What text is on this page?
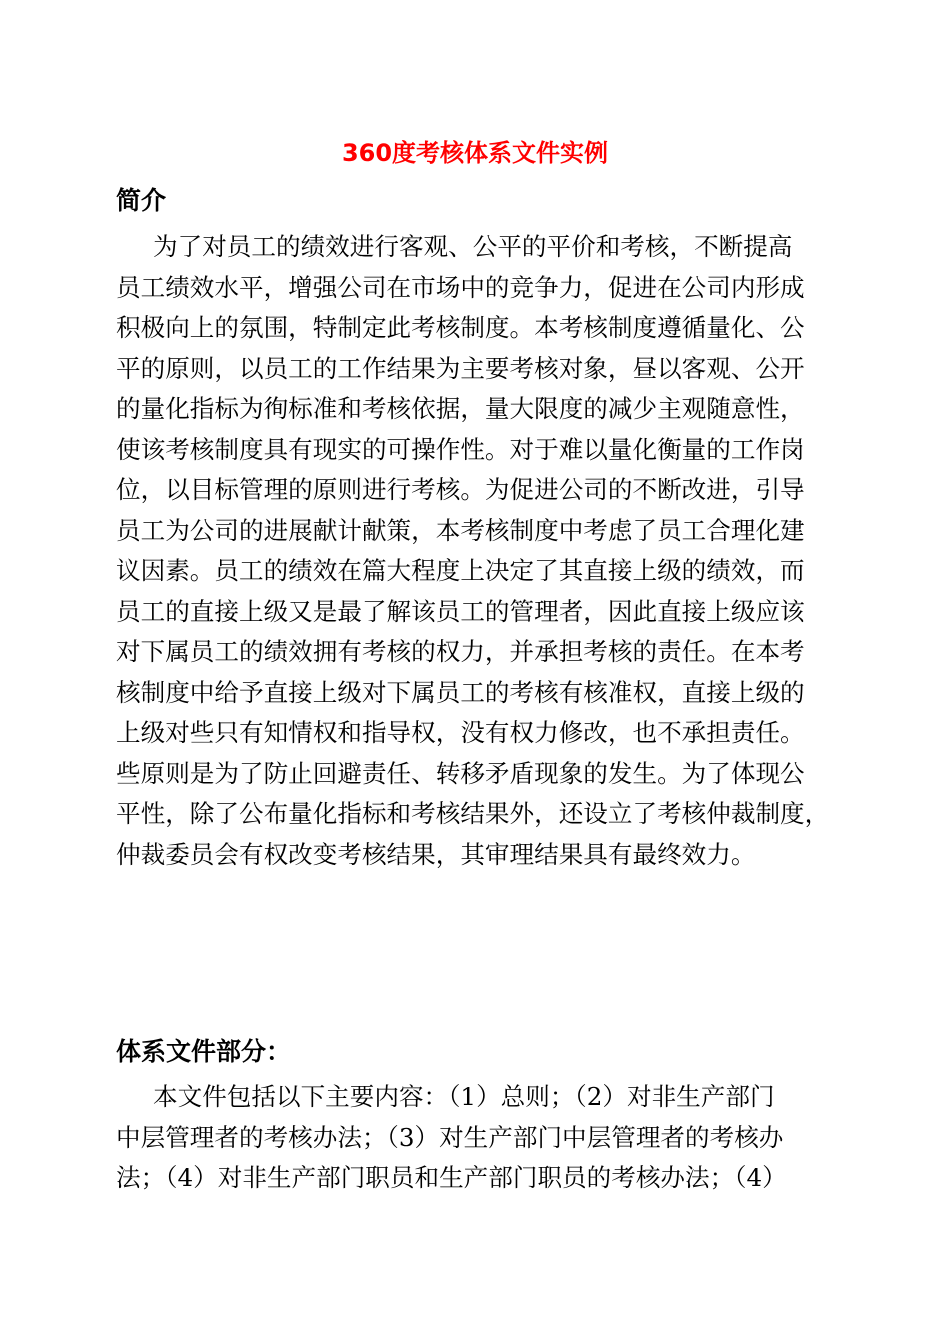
360度考核体系文件实例
简介
为了对员工的绩效进行客观、公平的平价和考核，不断提高
员工绩效水平，增强公司在市场中的竞争力，促进在公司内形成
积极向上的氛围，特制定此考核制度。本考核制度遵循量化、公
平的原则，以员工的工作结果为主要考核对象，昼以客观、公开
的量化指标为徇标准和考核依据，量大限度的减少主观随意性，
使该考核制度具有现实的可操作性。对于难以量化衡量的工作岗
位，以目标管理的原则进行考核。为促进公司的不断改进，引导
员工为公司的进展献计献策，本考核制度中考虑了员工合理化建
议因素。员工的绩效在篇大程度上决定了其直接上级的绩效，而
员工的直接上级又是最了解该员工的管理者，因此直接上级应该
对下属员工的绩效拥有考核的权力，并承担考核的责任。在本考
核制度中给予直接上级对下属员工的考核有核准权，直接上级的
上级对些只有知情权和指导权，没有权力修改，也不承担责任。
些原则是为了防止回避责任、转移矛盾现象的发生。为了体现公
平性，除了公布量化指标和考核结果外，还设立了考核仲裁制度，
仲裁委员会有权改变考核结果，其审理结果具有最终效力。
体系文件部分：
本文件包括以下主要内容：（1）总则；（2）对非生产部门
中层管理者的考核办法；（3）对生产部门中层管理者的考核办
法；（4）对非生产部门职员和生产部门职员的考核办法；（4）
